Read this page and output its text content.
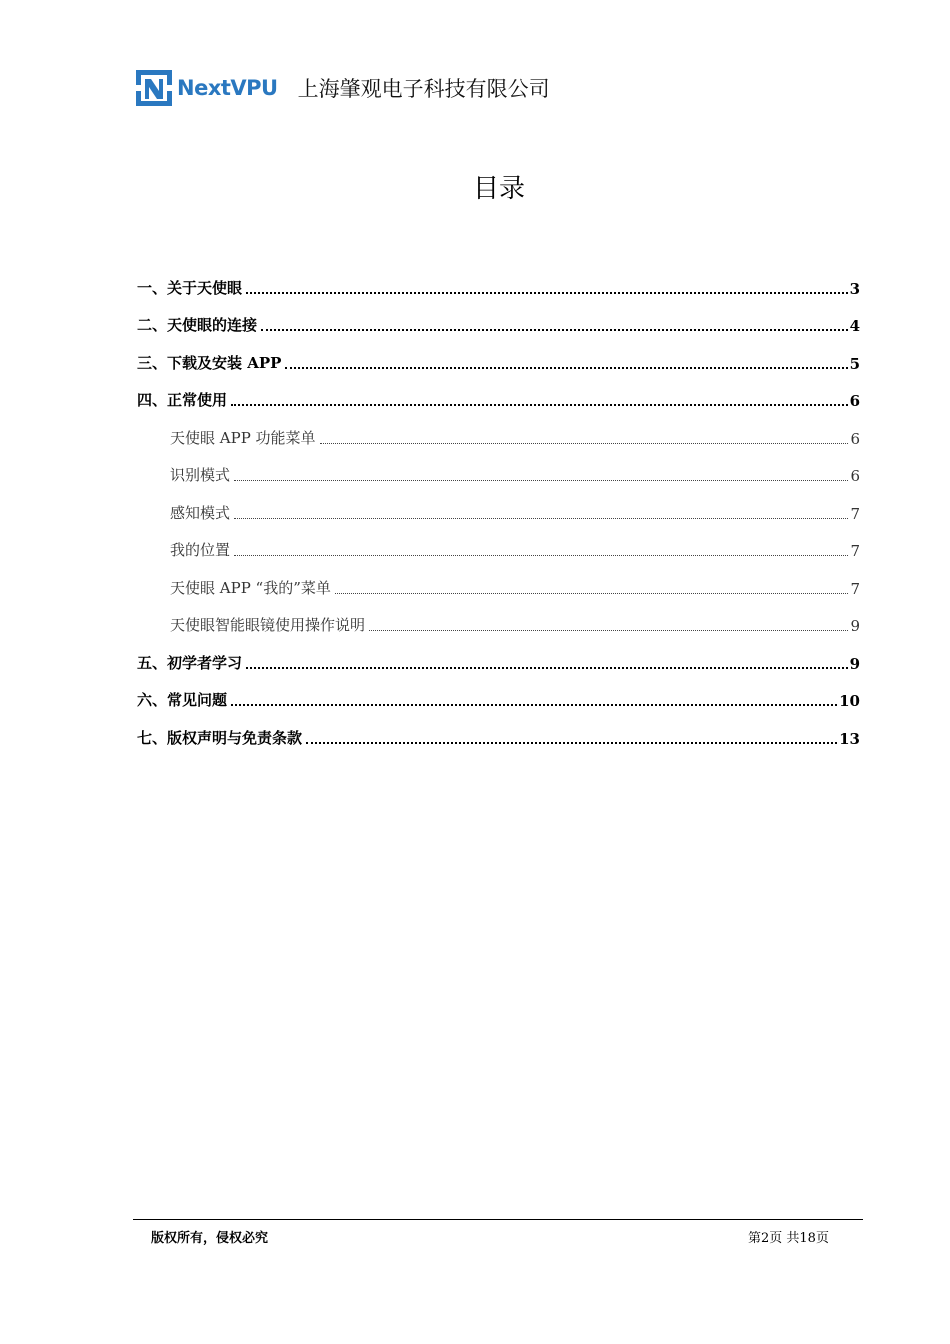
NextVPU 上海肇观电子科技有限公司
目录
一、关于天使眼	3
二、天使眼的连接	4
三、下载及安装 APP	5
四、正常使用	6
天使眼 APP 功能菜单	6
识别模式	6
感知模式	7
我的位置	7
天使眼 APP “我的”菜单	7
天使眼智能眼镜使用操作说明	9
五、初学者学习	9
六、常见问题	10
七、版权声明与免责条款	13
版权所有，侵权必究	第2页 共18页
